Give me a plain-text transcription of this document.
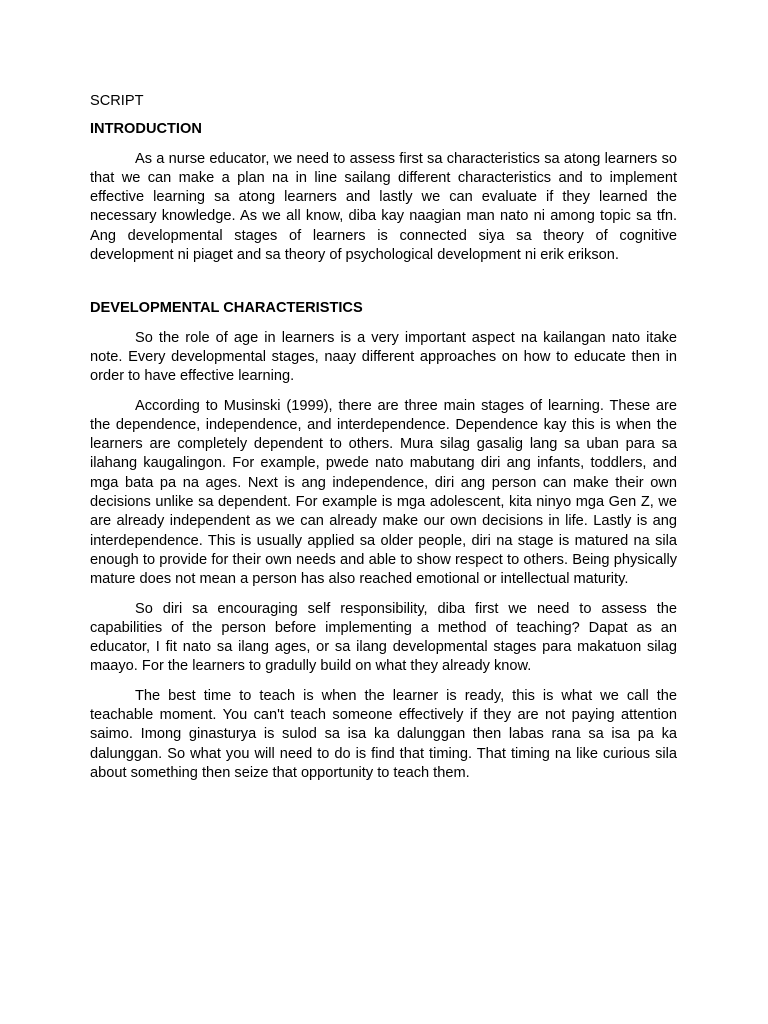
SCRIPT
INTRODUCTION

As a nurse educator, we need to assess first sa characteristics sa atong learners so that we can make a plan na in line sailang different characteristics and to implement effective learning sa atong learners and lastly we can evaluate if they learned the necessary knowledge. As we all know, diba kay naagian man nato ni among topic sa tfn. Ang developmental stages of learners is connected siya sa theory of cognitive development ni piaget and sa theory of psychological development ni erik erikson.

DEVELOPMENTAL CHARACTERISTICS

So the role of age in learners is a very important aspect na kailangan nato itake note. Every developmental stages, naay different approaches on how to educate then in order to have effective learning.

According to Musinski (1999), there are three main stages of learning. These are the dependence, independence, and interdependence. Dependence kay this is when the learners are completely dependent to others. Mura silag gasalig lang sa uban para sa ilahang kaugalingon. For example, pwede nato mabutang diri ang infants, toddlers, and mga bata pa na ages. Next is ang independence, diri ang person can make their own decisions unlike sa dependent. For example is mga adolescent, kita ninyo mga Gen Z, we are already independent as we can already make our own decisions in life. Lastly is ang interdependence. This is usually applied sa older people, diri na stage is matured na sila enough to provide for their own needs and able to show respect to others. Being physically mature does not mean a person has also reached emotional or intellectual maturity.

So diri sa encouraging self responsibility, diba first we need to assess the capabilities of the person before implementing a method of teaching? Dapat as an educator, I fit nato sa ilang ages, or sa ilang developmental stages para makatuon silag maayo. For the learners to gradully build on what they already know.

The best time to teach is when the learner is ready, this is what we call the teachable moment. You can't teach someone effectively if they are not paying attention saimo. Imong ginasturya is sulod sa isa ka dalunggan then labas rana sa isa pa ka dalunggan. So what you will need to do is find that timing. That timing na like curious sila about something then seize that opportunity to teach them.
